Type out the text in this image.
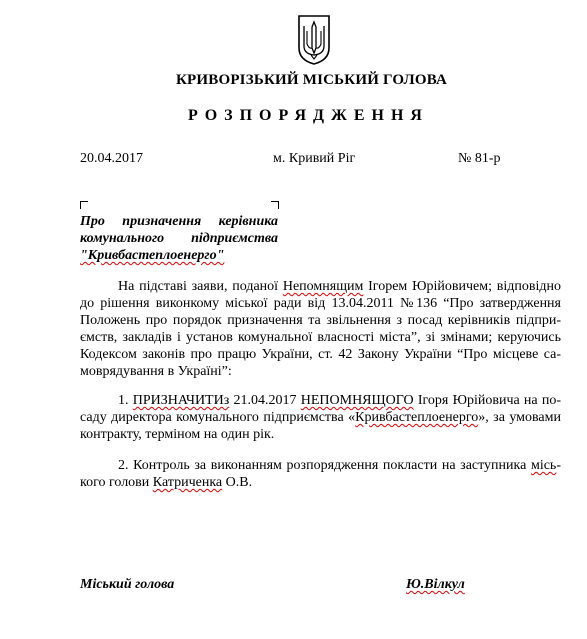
КРИВОРІЗЬКИЙ МІСЬКИЙ ГОЛОВА
РОЗПОРЯДЖЕННЯ
20.04.2017	м. Кривий Ріг	№ 81-р
Про призначення керівника
комунального підприємства
"Кривбастеплоенерго"
На підставі заяви, поданої Непомнящим Ігорем Юрійовичем; відповідно до рішення виконкому міської ради від 13.04.2011 №136 “Про затвердження Положень про порядок призначення та звільнення з посад керівників підпри-ємств, закладів і установ комунальної власності міста”, зі змінами; керуючись Кодексом законів про працю України, ст. 42 Закону України “Про місцеве са-моврядування в Україні”:
1. ПРИЗНАЧИТИз 21.04.2017 НЕПОМНЯЩОГО Ігоря Юрійовича на по-саду директора комунального підприємства «Кривбастеплоенерго», за умовами контракту, терміном на один рік.
2. Контроль за виконанням розпорядження покласти на заступника місь-кого голови Катриченка О.В.
Міський голова	Ю.Вілкул
